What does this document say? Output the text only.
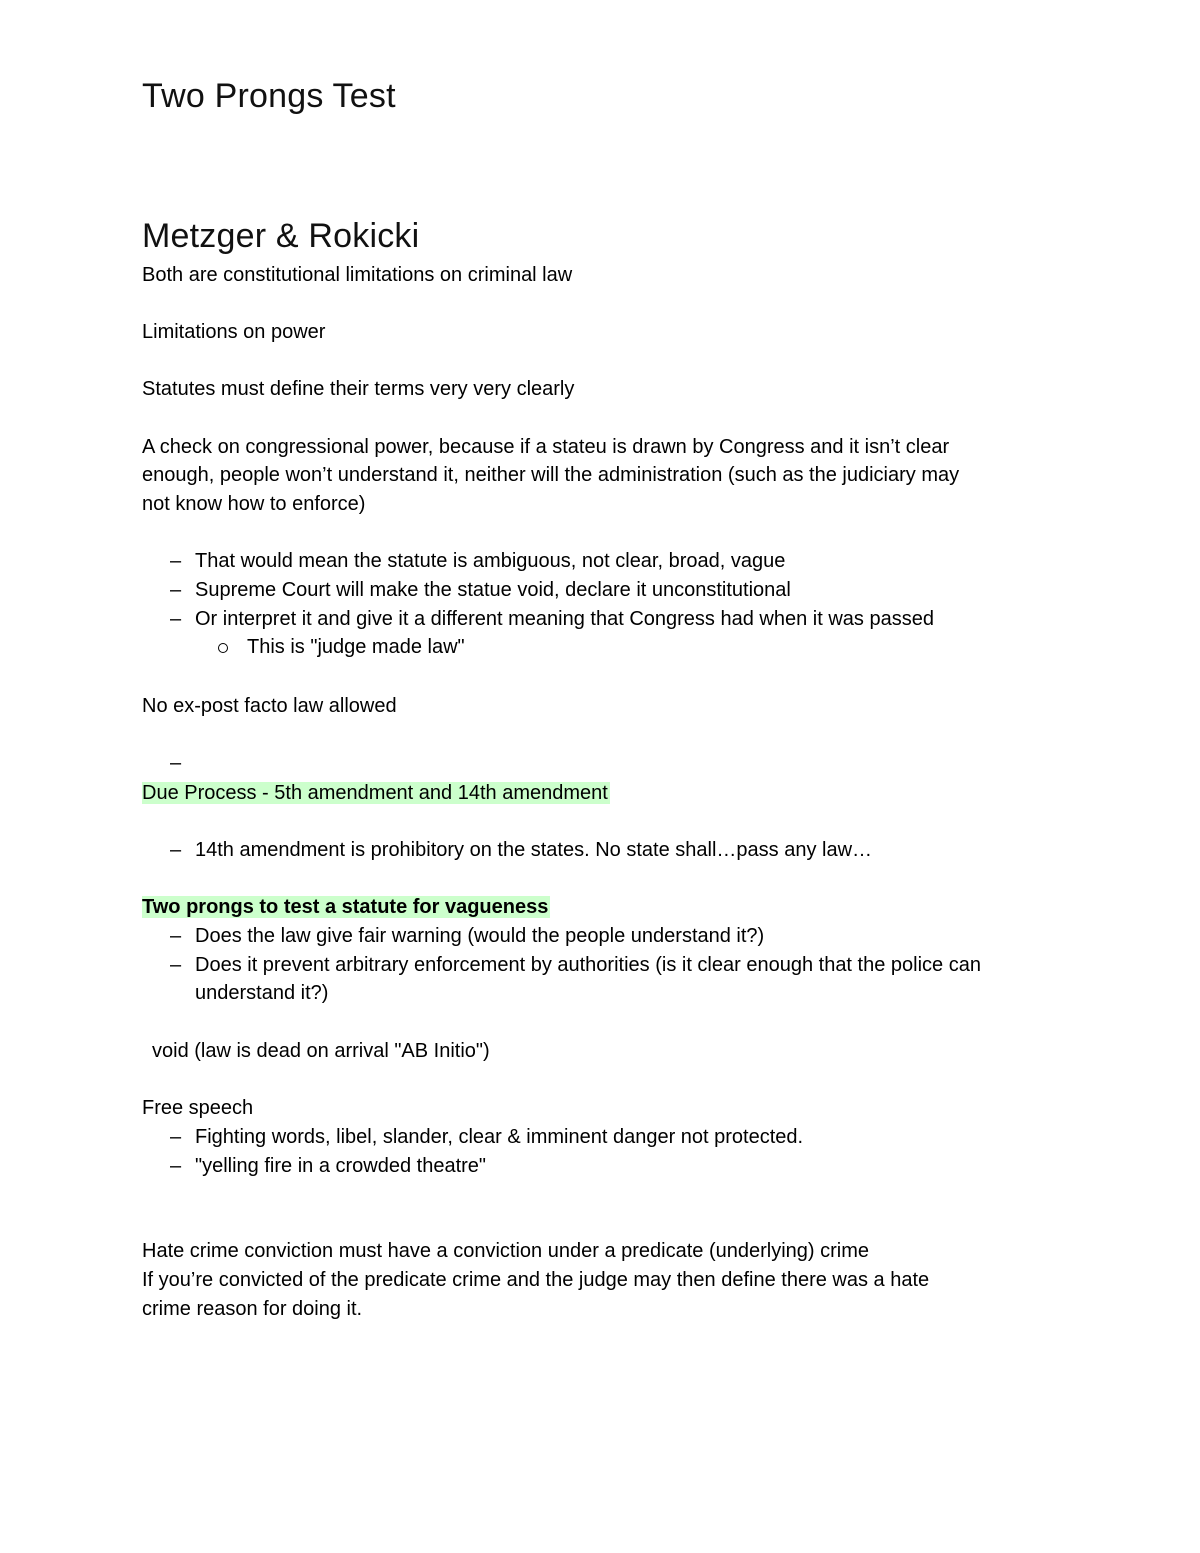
Two Prongs Test
Metzger & Rokicki

Both are constitutional limitations on criminal law

Limitations on power

Statutes must define their terms very very clearly

A check on congressional power, because if a stateu is drawn by Congress and it isn’t clear

enough, people won’t understand it, neither will the administration (such as the judiciary may

not know how to enforce)

– That would mean the statute is ambiguous, not clear, broad, vague

– Supreme Court will make the statue void, declare it unconstitutional

– Or interpret it and give it a different meaning that Congress had when it was passed

This is "judge made law"

No ex-post facto law allowed

–

Due Process - 5th amendment and 14th amendment

– 14th amendment is prohibitory on the states. No state shall…pass any law…

Two prongs to test a statute for vagueness

– Does the law give fair warning (would the people understand it?)

– Does it prevent arbitrary enforcement by authorities (is it clear enough that the police can

understand it?)

void (law is dead on arrival "AB Initio")

Free speech

– Fighting words, libel, slander, clear & imminent danger not protected.

– "yelling fire in a crowded theatre"

Hate crime conviction must have a conviction under a predicate (underlying) crime

If you’re convicted of the predicate crime and the judge may then define there was a hate

crime reason for doing it.
